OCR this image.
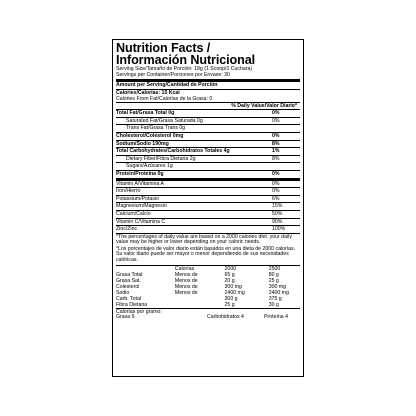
Nutrition Facts /
Información Nutricional
Serving Size/Tamaño de Porción: 18g (1 Scoop/1 Cuchara)
Servings per Container/Porciones por Envase: 30
Amount per Serving/Cantidad de Porción
Calories/Calorías: 15 Kcal
Calories From Fat/Calorías de la Grasa: 0
% Daily Value/Valor Diario*
Total Fat/Grasa Total 0g	0%
Saturated Fat/Grasa Saturada 0g	0%
Trans Fat/Grasa Trans 0g
Cholesterol/Colesterol 0mg	0%
Sodium/Sodio 190mg	8%
Total Carbohydrates/Carbohidratos Totales 4g	1%
Dietary Fiber/Fibra Dietaria 2g	8%
Sugars/Azúcares 1g
Protein/Proteína 0g	0%
Vitamin A/Vitamina A	0%
Iron/Hierro	0%
Potassium/Potasio	6%
Magnesium/Magnesio	15%
Calcium/Calcio	50%
Vitamin C/Vitamina C	90%
Zinc/Zinc	100%
*The percentages of daily value are based on a 2000 calories diet. your daily value may be higher or lower depending on your caloric needs.
*Los porcentajes de valor diario están basados en una dieta de 2000 calorías. Su valor diario puede ser mayor o menor dependiendo de sus necesidades calóricas.
	Calorías	2000	2500
Grasa Total	Menos de	65 g	80 g
Grasa Sat.	Menos de	20 g	25 g
Colesterol	Menos de	300 mg	300 mg
Sodio	Menos de	2400 mg	2400 mg
Carb. Total		300 g	375 g
Fibra Dietaria		25 g	30 g
Calorías por gramo:
Grasa 9	Carbohidratos 4	Proteína 4
